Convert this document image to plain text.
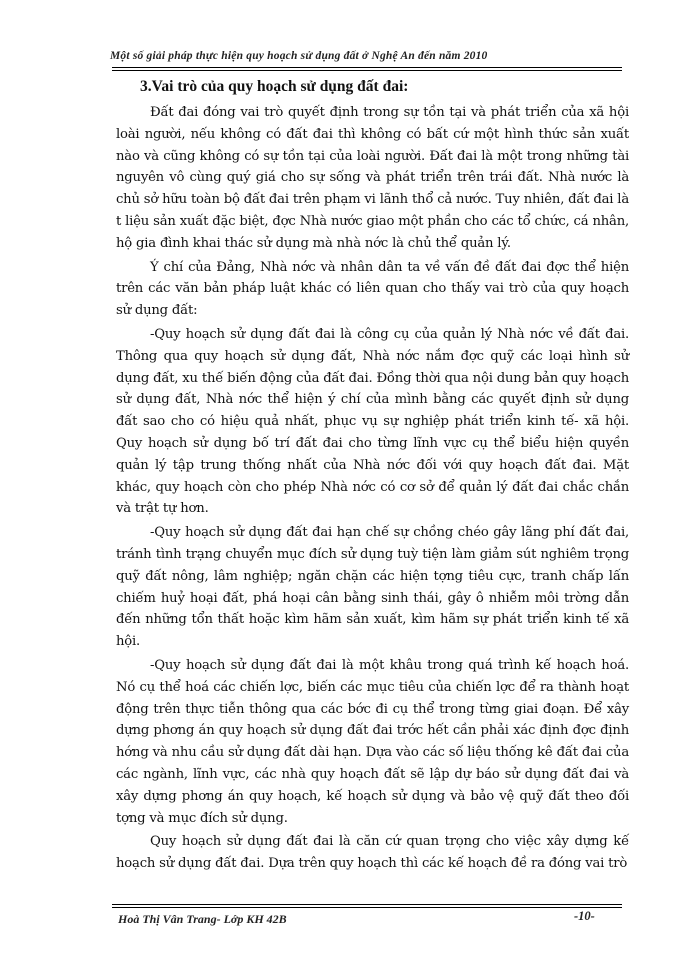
Một số giải pháp thực hiện quy hoạch sử dụng đất ở Nghệ An đến năm 2010
3.Vai trò của quy hoạch sử dụng đất đai:

Đất đai đóng vai trò quyết định trong sự tồn tại và phát triển của xã hội loài người, nếu không có đất đai thì không có bất cứ một hình thức sản xuất nào và cũng không có sự tồn tại của loài người. Đất đai là một trong những tài nguyên vô cùng quý giá cho sự sống và phát triển trên trái đất. Nhà nước là chủ sở hữu toàn bộ đất đai trên phạm vi lãnh thổ cả nước. Tuy nhiên, đất đai là t liệu sản xuất đặc biệt, đợc Nhà nước giao một phần cho các tổ chức, cá nhân, hộ gia đình khai thác sử dụng mà nhà nớc là chủ thể quản lý.

Ý chí của Đảng, Nhà nớc và nhân dân ta về vấn đề đất đai đợc thể hiện trên các văn bản pháp luật khác có liên quan cho thấy vai trò của quy hoạch sử dụng đất:

-Quy hoạch sử dụng đất đai là công cụ của quản lý Nhà nớc về đất đai. Thông qua quy hoạch sử dụng đất, Nhà nớc nắm đợc quỹ các loại hình sử dụng đất, xu thế biến động của đất đai. Đồng thời qua nội dung bản quy hoạch sử dụng đất, Nhà nớc thể hiện ý chí của mình bằng các quyết định sử dụng đất sao cho có hiệu quả nhất, phục vụ sự nghiệp phát triển kinh tế- xã hội. Quy hoạch sử dụng bố trí đất đai cho từng lĩnh vực cụ thể biểu hiện quyền quản lý tập trung thống nhất của Nhà nớc đối với quy hoạch đất đai. Mặt khác, quy hoạch còn cho phép Nhà nớc có cơ sở để quản lý đất đai chắc chắn và trật tự hơn.

-Quy hoạch sử dụng đất đai hạn chế sự chồng chéo gây lãng phí đất đai, tránh tình trạng chuyển mục đích sử dụng tuỳ tiện làm giảm sút nghiêm trọng quỹ đất nông, lâm nghiệp; ngăn chặn các hiện tợng tiêu cực, tranh chấp lấn chiếm huỷ hoại đất, phá hoại cân bằng sinh thái, gây ô nhiễm môi trờng dẫn đến những tổn thất hoặc kìm hãm sản xuất, kìm hãm sự phát triển kinh tế xã hội.

-Quy hoạch sử dụng đất đai là một khâu trong quá trình kế hoạch hoá. Nó cụ thể hoá các chiến lợc, biến các mục tiêu của chiến lợc để ra thành hoạt động trên thực tiễn thông qua các bớc đi cụ thể trong từng giai đoạn. Để xây dựng phơng án quy hoạch sử dụng đất đai trớc hết cần phải xác định đợc định hớng và nhu cầu sử dụng đất dài hạn. Dựa vào các số liệu thống kê đất đai của các ngành, lĩnh vực, các nhà quy hoạch đất sẽ lập dự báo sử dụng đất đai và xây dựng phơng án quy hoạch, kế hoạch sử dụng và bảo vệ quỹ đất theo đối tợng và mục đích sử dụng.

Quy hoạch sử dụng đất đai là căn cứ quan trọng cho việc xây dựng kế hoạch sử dụng đất đai. Dựa trên quy hoạch thì các kế hoạch đề ra đóng vai trò

Hoà Thị Vân Trang- Lớp KH 42B	-10-
